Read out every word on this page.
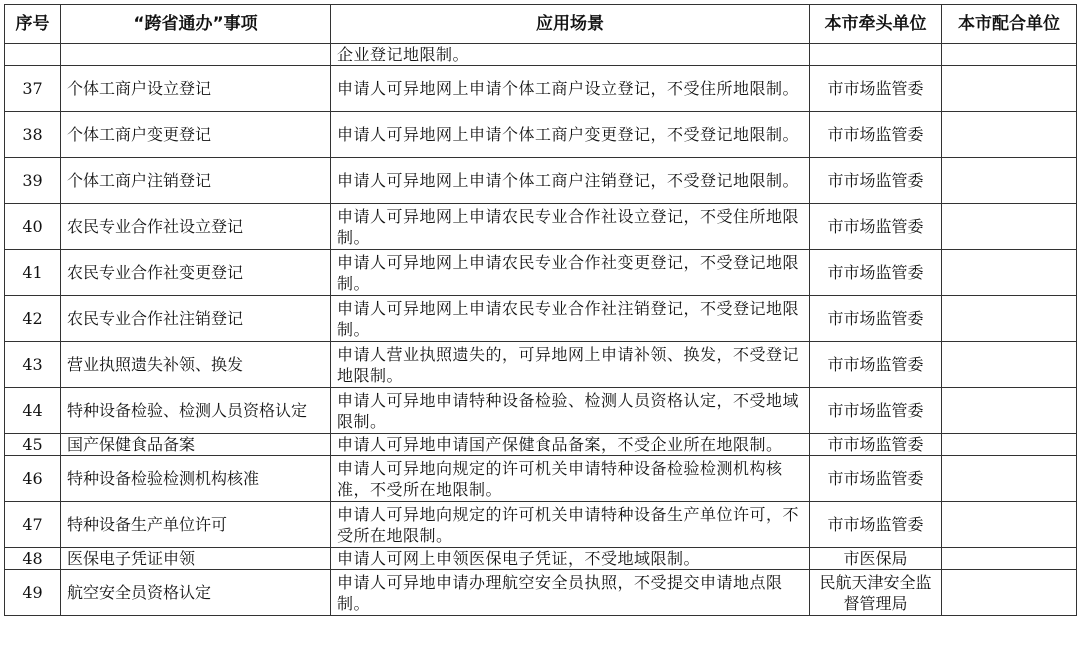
序号	“跨省通办”事项	应用场景	本市牵头单位	本市配合单位
		企业登记地限制。		
37	个体工商户设立登记	申请人可异地网上申请个体工商户设立登记，不受住所地限制。	市市场监管委	
38	个体工商户变更登记	申请人可异地网上申请个体工商户变更登记，不受登记地限制。	市市场监管委	
39	个体工商户注销登记	申请人可异地网上申请个体工商户注销登记，不受登记地限制。	市市场监管委	
40	农民专业合作社设立登记	申请人可异地网上申请农民专业合作社设立登记，不受住所地限制。	市市场监管委	
41	农民专业合作社变更登记	申请人可异地网上申请农民专业合作社变更登记，不受登记地限制。	市市场监管委	
42	农民专业合作社注销登记	申请人可异地网上申请农民专业合作社注销登记，不受登记地限制。	市市场监管委	
43	营业执照遗失补领、换发	申请人营业执照遗失的，可异地网上申请补领、换发，不受登记地限制。	市市场监管委	
44	特种设备检验、检测人员资格认定	申请人可异地申请特种设备检验、检测人员资格认定，不受地域限制。	市市场监管委	
45	国产保健食品备案	申请人可异地申请国产保健食品备案，不受企业所在地限制。	市市场监管委	
46	特种设备检验检测机构核准	申请人可异地向规定的许可机关申请特种设备检验检测机构核准，不受所在地限制。	市市场监管委	
47	特种设备生产单位许可	申请人可异地向规定的许可机关申请特种设备生产单位许可，不受所在地限制。	市市场监管委	
48	医保电子凭证申领	申请人可网上申领医保电子凭证，不受地域限制。	市医保局	
49	航空安全员资格认定	申请人可异地申请办理航空安全员执照，不受提交申请地点限制。	民航天津安全监督管理局	
